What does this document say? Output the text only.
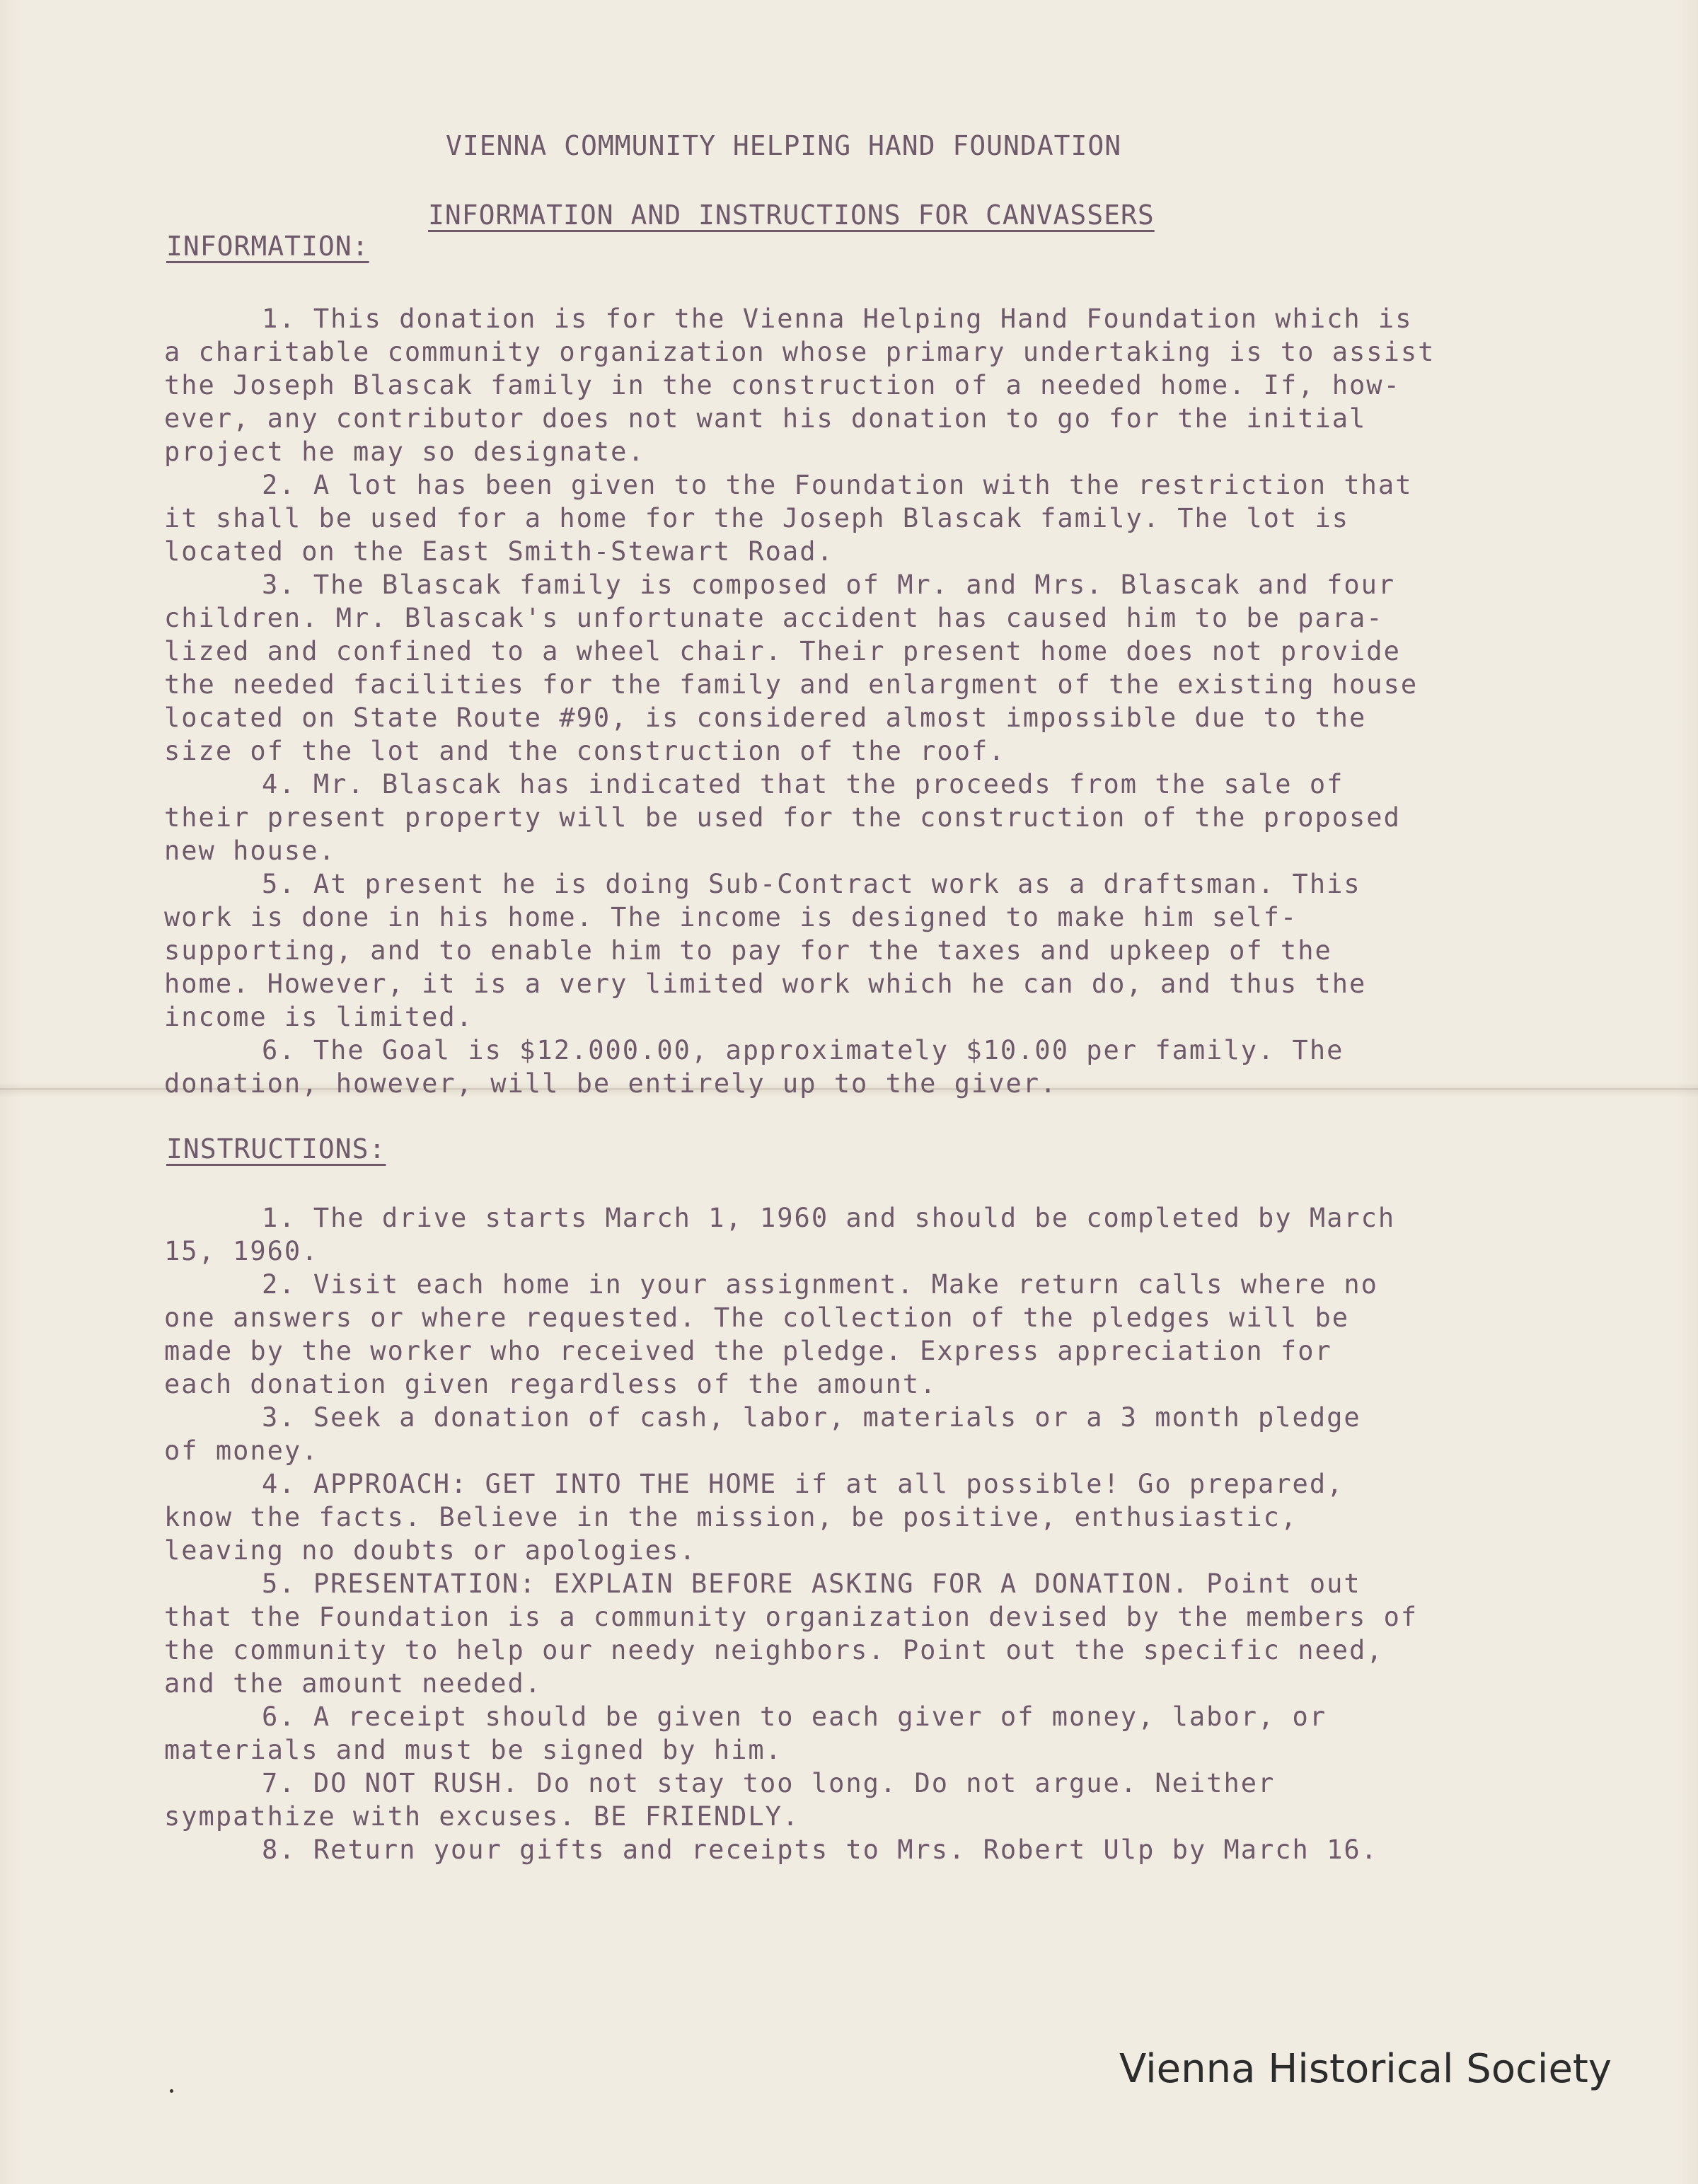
VIENNA COMMUNITY HELPING HAND FOUNDATION
INFORMATION AND INSTRUCTIONS FOR CANVASSERS
INFORMATION:
1. This donation is for the Vienna Helping Hand Foundation which is
a charitable community organization whose primary undertaking is to assist
the Joseph Blascak family in the construction of a needed home. If, how-
ever, any contributor does not want his donation to go for the initial
project he may so designate.
2. A lot has been given to the Foundation with the restriction that
it shall be used for a home for the Joseph Blascak family. The lot is
located on the East Smith-Stewart Road.
3. The Blascak family is composed of Mr. and Mrs. Blascak and four
children. Mr. Blascak's unfortunate accident has caused him to be para-
lized and confined to a wheel chair. Their present home does not provide
the needed facilities for the family and enlargment of the existing house
located on State Route #90, is considered almost impossible due to the
size of the lot and the construction of the roof.
4. Mr. Blascak has indicated that the proceeds from the sale of
their present property will be used for the construction of the proposed
new house.
5. At present he is doing Sub-Contract work as a draftsman. This
work is done in his home. The income is designed to make him self-
supporting, and to enable him to pay for the taxes and upkeep of the
home. However, it is a very limited work which he can do, and thus the
income is limited.
6. The Goal is $12.000.00, approximately $10.00 per family. The
donation, however, will be entirely up to the giver.
INSTRUCTIONS:
1. The drive starts March 1, 1960 and should be completed by March
15, 1960.
2. Visit each home in your assignment. Make return calls where no
one answers or where requested. The collection of the pledges will be
made by the worker who received the pledge. Express appreciation for
each donation given regardless of the amount.
3. Seek a donation of cash, labor, materials or a 3 month pledge
of money.
4. APPROACH: GET INTO THE HOME if at all possible! Go prepared,
know the facts. Believe in the mission, be positive, enthusiastic,
leaving no doubts or apologies.
5. PRESENTATION: EXPLAIN BEFORE ASKING FOR A DONATION. Point out
that the Foundation is a community organization devised by the members of
the community to help our needy neighbors. Point out the specific need,
and the amount needed.
6. A receipt should be given to each giver of money, labor, or
materials and must be signed by him.
7. DO NOT RUSH. Do not stay too long. Do not argue. Neither
sympathize with excuses. BE FRIENDLY.
8. Return your gifts and receipts to Mrs. Robert Ulp by March 16.
Vienna Historical Society
